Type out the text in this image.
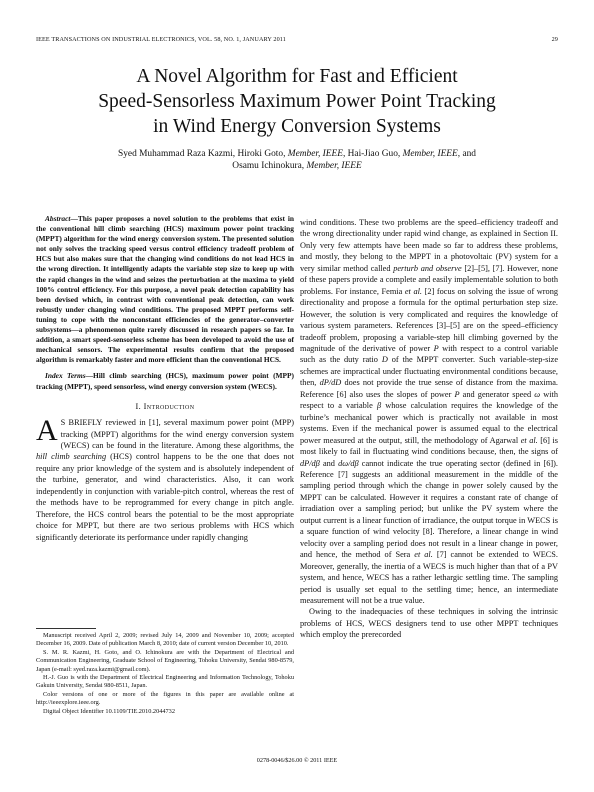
IEEE TRANSACTIONS ON INDUSTRIAL ELECTRONICS, VOL. 58, NO. 1, JANUARY 2011	29
A Novel Algorithm for Fast and Efficient
Speed-Sensorless Maximum Power Point Tracking
in Wind Energy Conversion Systems
Syed Muhammad Raza Kazmi, Hiroki Goto, Member, IEEE, Hai-Jiao Guo, Member, IEEE, and
Osamu Ichinokura, Member, IEEE

Abstract—This paper proposes a novel solution to the problems that exist in the conventional hill climb searching (HCS) maximum power point tracking (MPPT) algorithm for the wind energy conversion system. The presented solution not only solves the tracking speed versus control efficiency tradeoff problem of HCS but also makes sure that the changing wind conditions do not lead HCS in the wrong direction. It intelligently adapts the variable step size to keep up with the rapid changes in the wind and seizes the perturbation at the maxima to yield 100% control efficiency. For this purpose, a novel peak detection capability has been devised which, in contrast with conventional peak detection, can work robustly under changing wind conditions. The proposed MPPT performs self-tuning to cope with the nonconstant efficiencies of the generator–converter subsystems—a phenomenon quite rarely discussed in research papers so far. In addition, a smart speed-sensorless scheme has been developed to avoid the use of mechanical sensors. The experimental results confirm that the proposed algorithm is remarkably faster and more efficient than the conventional HCS.

Index Terms—Hill climb searching (HCS), maximum power point (MPP) tracking (MPPT), speed sensorless, wind energy conversion system (WECS).

I. Introduction

A S BRIEFLY reviewed in [1], several maximum power point (MPP) tracking (MPPT) algorithms for the wind energy conversion system (WECS) can be found in the literature. Among these algorithms, the hill climb searching (HCS) control happens to be the one that does not require any prior knowledge of the system and is absolutely independent of the turbine, generator, and wind characteristics. Also, it can work independently in conjunction with variable-pitch control, whereas the rest of the methods have to be reprogrammed for every change in pitch angle. Therefore, the HCS control bears the potential to be the most appropriate choice for MPPT, but there are two serious problems with HCS which significantly deteriorate its performance under rapidly changing

Manuscript received April 2, 2009; revised July 14, 2009 and November 10, 2009; accepted December 16, 2009. Date of publication March 8, 2010; date of current version December 10, 2010.

S. M. R. Kazmi, H. Goto, and O. Ichinokura are with the Department of Electrical and Communication Engineering, Graduate School of Engineering, Tohoku University, Sendai 980-8579, Japan (e-mail: syed.raza.kazmi@gmail.com).

H.-J. Guo is with the Department of Electrical Engineering and Information Technology, Tohoku Gakuin University, Sendai 980-8511, Japan.

Color versions of one or more of the figures in this paper are available online at http://ieeexplore.ieee.org.

Digital Object Identifier 10.1109/TIE.2010.2044732

wind conditions. These two problems are the speed–efficiency tradeoff and the wrong directionality under rapid wind change, as explained in Section II. Only very few attempts have been made so far to address these problems, and mostly, they belong to the MPPT in a photovoltaic (PV) system for a very similar method called perturb and observe [2]–[5], [7]. However, none of these papers provide a complete and easily implementable solution to both problems. For instance, Femia et al. [2] focus on solving the issue of wrong directionality and propose a formula for the optimal perturbation step size. However, the solution is very complicated and requires the knowledge of various system parameters. References [3]–[5] are on the speed–efficiency tradeoff problem, proposing a variable-step hill climbing governed by the magnitude of the derivative of power P with respect to a control variable such as the duty ratio D of the MPPT converter. Such variable-step-size schemes are impractical under fluctuating environmental conditions because, then, dP/dD does not provide the true sense of distance from the maxima. Reference [6] also uses the slopes of power P and generator speed ω with respect to a variable β whose calculation requires the knowledge of the turbine’s mechanical power which is practically not available in most systems. Even if the mechanical power is assumed equal to the electrical power measured at the output, still, the methodology of Agarwal et al. [6] is most likely to fail in fluctuating wind conditions because, then, the signs of dP/dβ and dω/dβ cannot indicate the true operating sector (defined in [6]). Reference [7] suggests an additional measurement in the middle of the sampling period through which the change in power solely caused by the MPPT can be calculated. However it requires a constant rate of change of irradiation over a sampling period; but unlike the PV system where the output current is a linear function of irradiance, the output torque in WECS is a square function of wind velocity [8]. Therefore, a linear change in wind velocity over a sampling period does not result in a linear change in power, and hence, the method of Sera et al. [7] cannot be extended to WECS. Moreover, generally, the inertia of a WECS is much higher than that of a PV system, and hence, WECS has a rather lethargic settling time. The sampling period is usually set equal to the settling time; hence, an intermediate measurement will not be a true value.

Owing to the inadequacies of these techniques in solving the intrinsic problems of HCS, WECS designers tend to use other MPPT techniques which employ the prerecorded

0278-0046/$26.00 © 2011 IEEE
